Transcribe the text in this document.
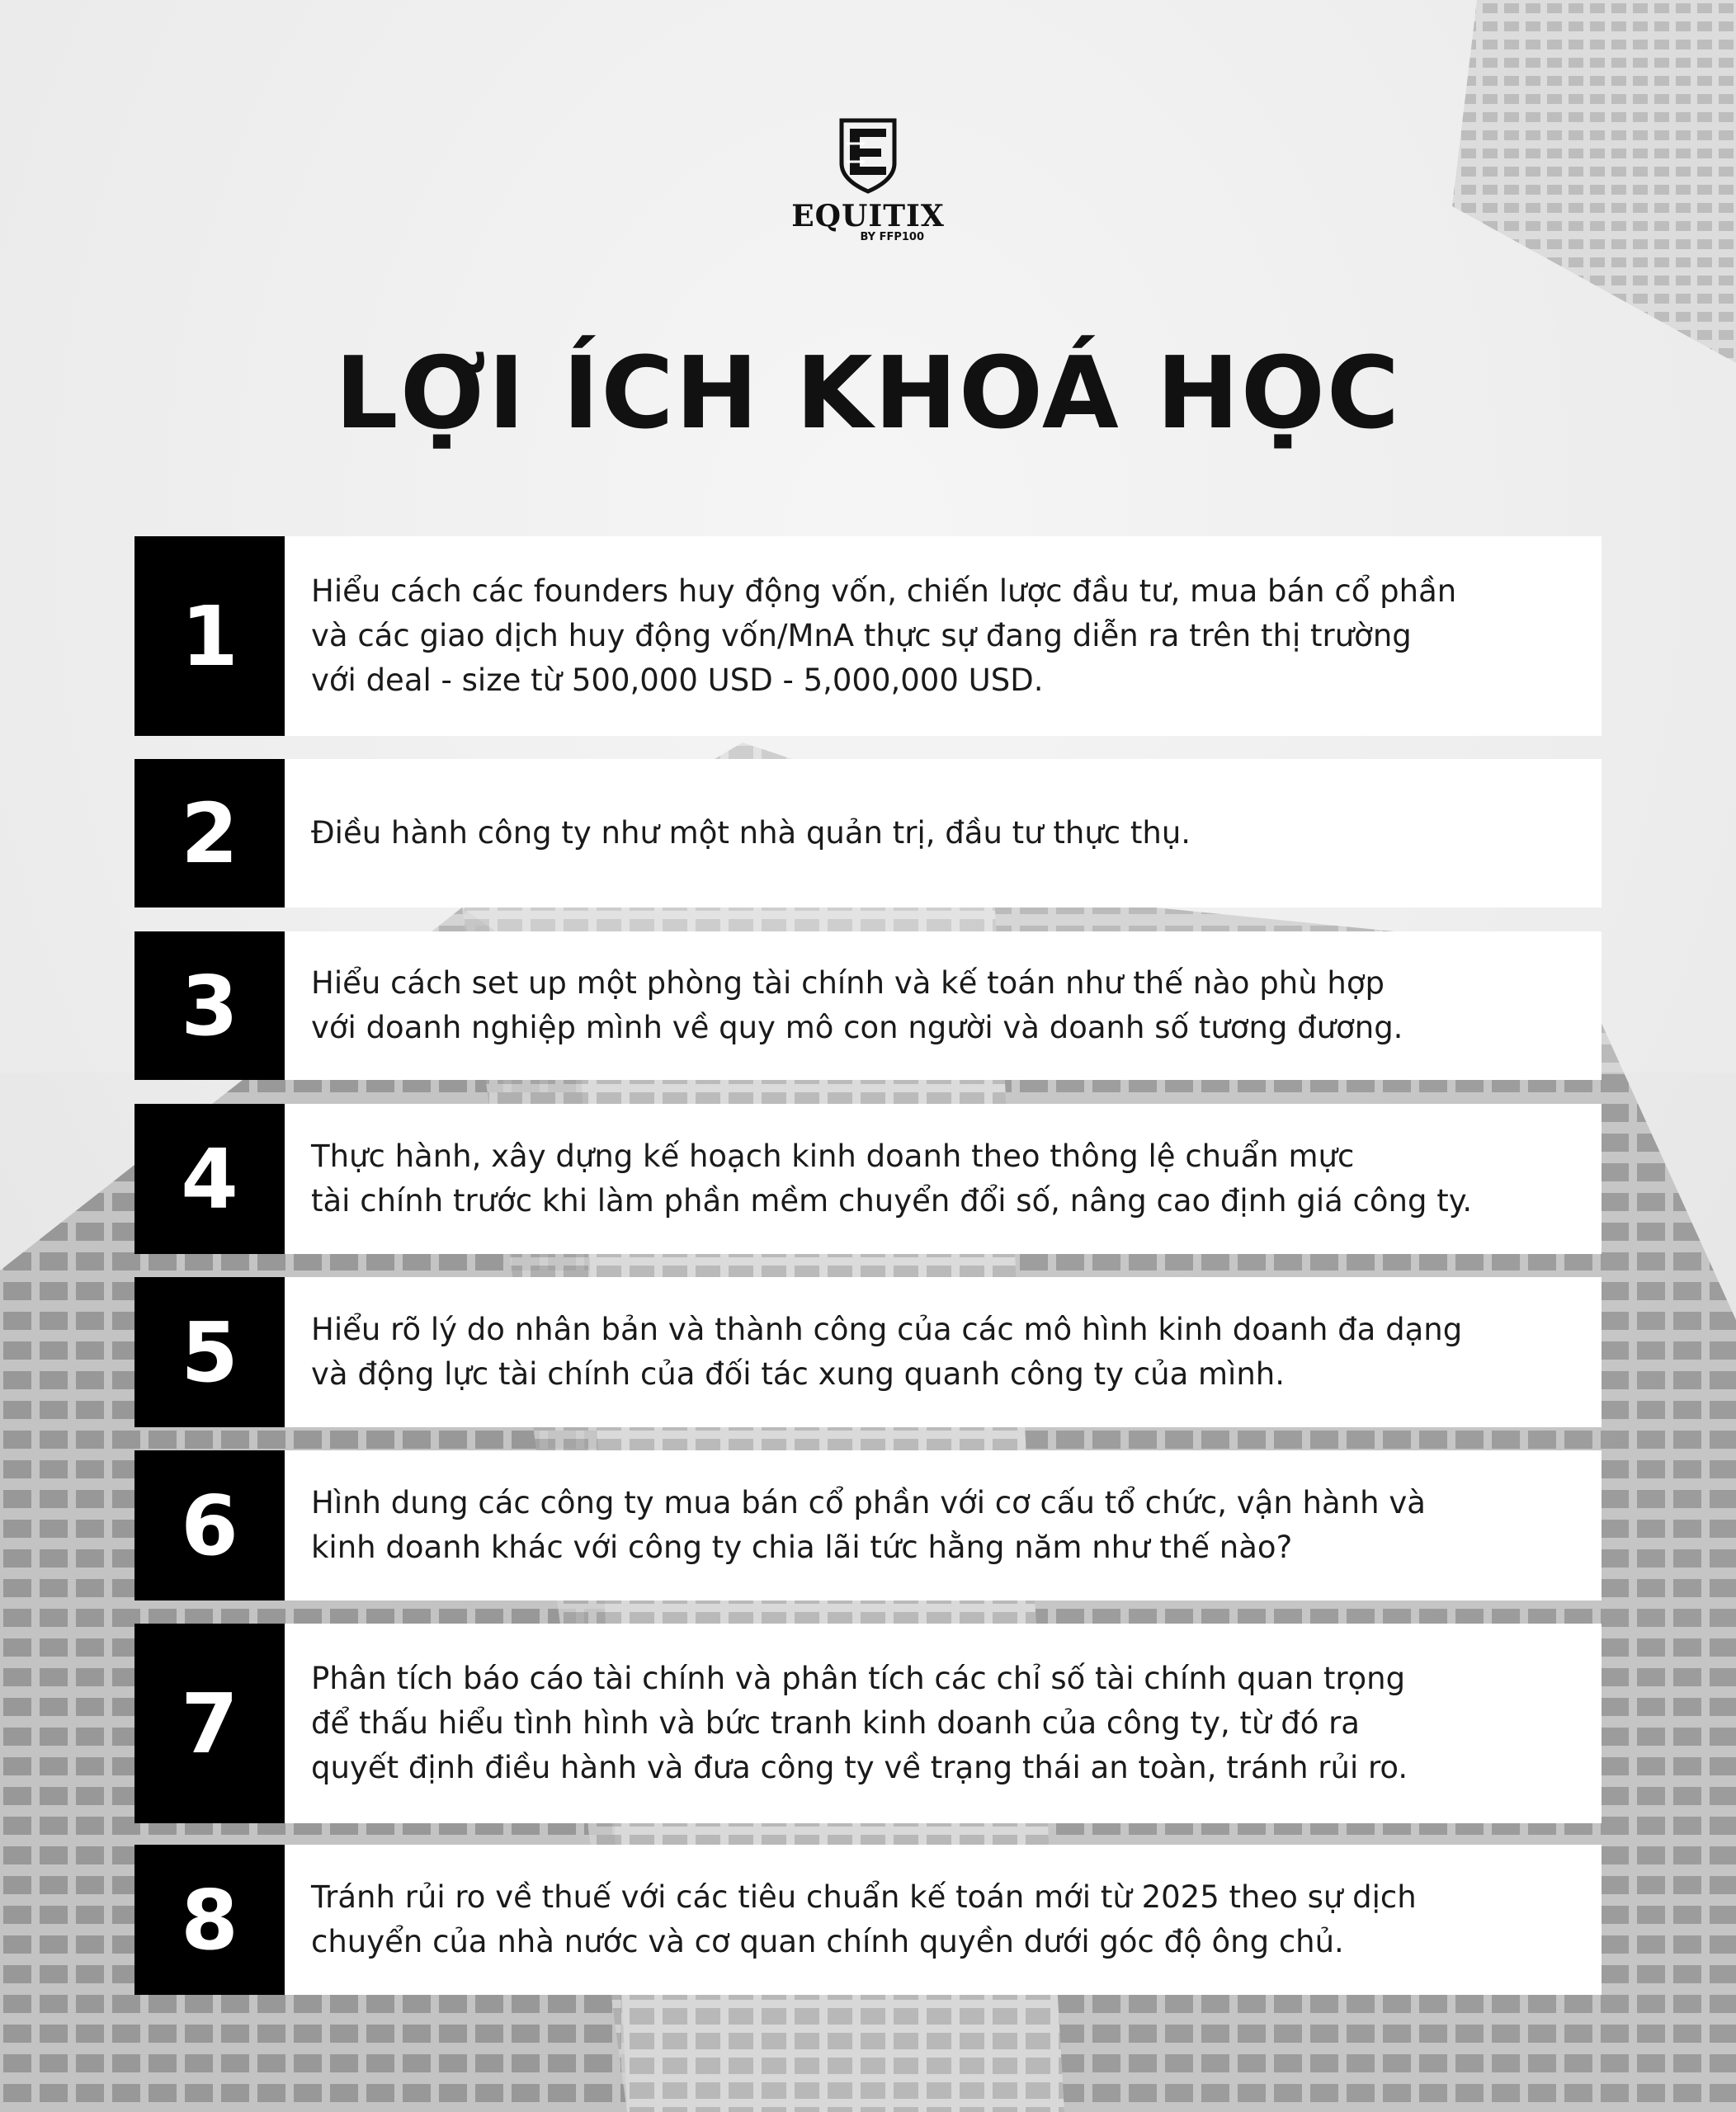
EQUITIX
BY FFP100
LỢI ÍCH KHOÁ HỌC
1	Hiểu cách các founders huy động vốn, chiến lược đầu tư, mua bán cổ phần
và các giao dịch huy động vốn/MnA thực sự đang diễn ra trên thị trường
với deal - size từ 500,000 USD - 5,000,000 USD.
2	Điều hành công ty như một nhà quản trị, đầu tư thực thụ.
3	Hiểu cách set up một phòng tài chính và kế toán như thế nào phù hợp
với doanh nghiệp mình về quy mô con người và doanh số tương đương.
4	Thực hành, xây dựng kế hoạch kinh doanh theo thông lệ chuẩn mực
tài chính trước khi làm phần mềm chuyển đổi số, nâng cao định giá công ty.
5	Hiểu rõ lý do nhân bản và thành công của các mô hình kinh doanh đa dạng
và động lực tài chính của đối tác xung quanh công ty của mình.
6	Hình dung các công ty mua bán cổ phần với cơ cấu tổ chức, vận hành và
kinh doanh khác với công ty chia lãi tức hằng năm như thế nào?
7	Phân tích báo cáo tài chính và phân tích các chỉ số tài chính quan trọng
để thấu hiểu tình hình và bức tranh kinh doanh của công ty, từ đó ra
quyết định điều hành và đưa công ty về trạng thái an toàn, tránh rủi ro.
8	Tránh rủi ro về thuế với các tiêu chuẩn kế toán mới từ 2025 theo sự dịch
chuyển của nhà nước và cơ quan chính quyền dưới góc độ ông chủ.
